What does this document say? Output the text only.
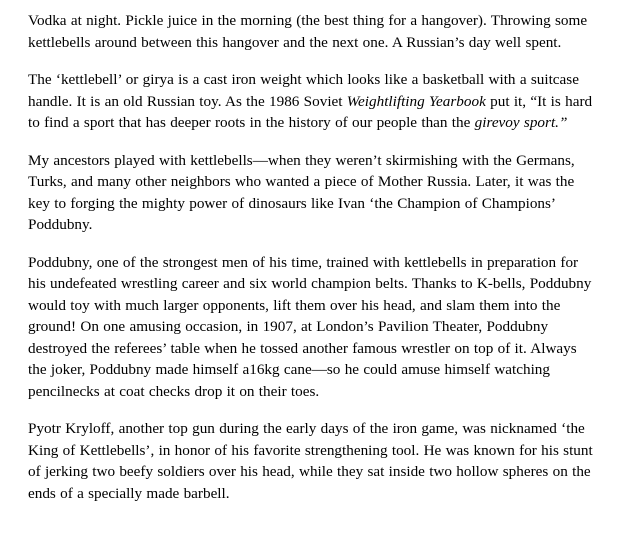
Vodka at night. Pickle juice in the morning (the best thing for a hangover). Throwing some kettlebells around between this hangover and the next one. A Russian’s day well spent.

The ‘kettlebell’ or girya is a cast iron weight which looks like a basketball with a suitcase handle. It is an old Russian toy. As the 1986 Soviet Weightlifting Yearbook put it, “It is hard to find a sport that has deeper roots in the history of our people than the girevoy sport.”

My ancestors played with kettlebells—when they weren’t skirmishing with the Germans, Turks, and many other neighbors who wanted a piece of Mother Russia. Later, it was the key to forging the mighty power of dinosaurs like Ivan ‘the Champion of Champions’ Poddubny.

Poddubny, one of the strongest men of his time, trained with kettlebells in preparation for his undefeated wrestling career and six world champion belts. Thanks to K-bells, Poddubny would toy with much larger opponents, lift them over his head, and slam them into the ground! On one amusing occasion, in 1907, at London’s Pavilion Theater, Poddubny destroyed the referees’ table when he tossed another famous wrestler on top of it. Always the joker, Poddubny made himself a16kg cane—so he could amuse himself watching pencilnecks at coat checks drop it on their toes.

Pyotr Kryloff, another top gun during the early days of the iron game, was nicknamed ‘the King of Kettlebells’, in honor of his favorite strengthening tool. He was known for his stunt of jerking two beefy soldiers over his head, while they sat inside two hollow spheres on the ends of a specially made barbell.
